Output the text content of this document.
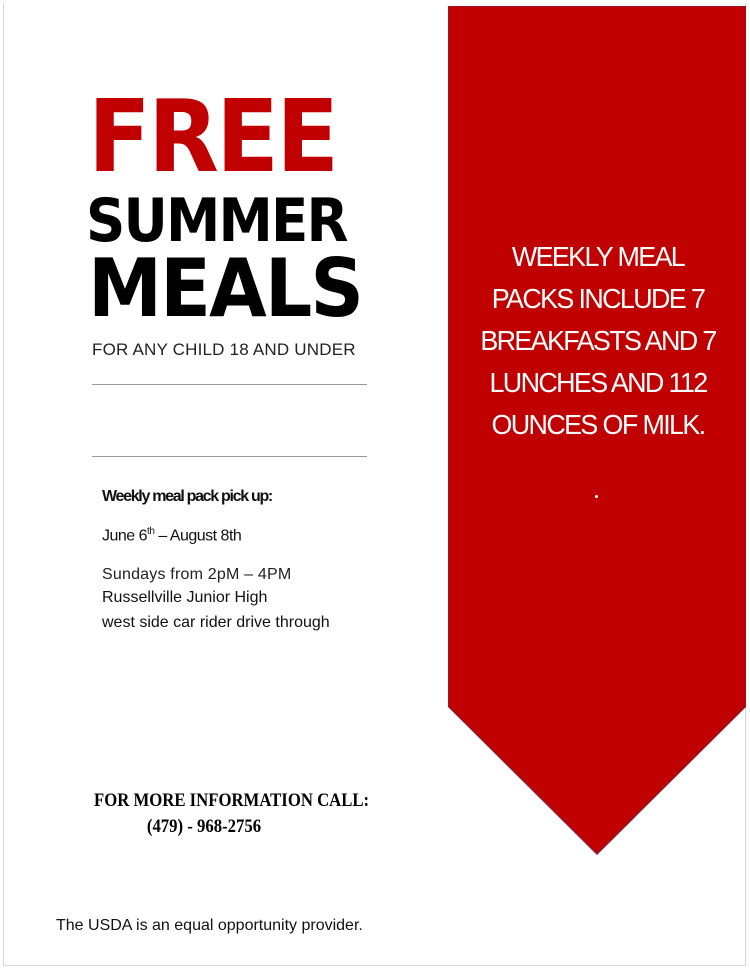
WEEKLY MEAL
PACKS INCLUDE 7
BREAKFASTS AND 7
LUNCHES AND 112
OUNCES OF MILK.
FREE
SUMMER
MEALS
FOR ANY CHILD 18 AND UNDER
Weekly meal pack pick up:
June 6th – August 8th
Sundays from 2pM – 4PM
Russellville Junior High
west side car rider drive through
FOR MORE INFORMATION CALL:
(479) - 968-2756
The USDA is an equal opportunity provider.
